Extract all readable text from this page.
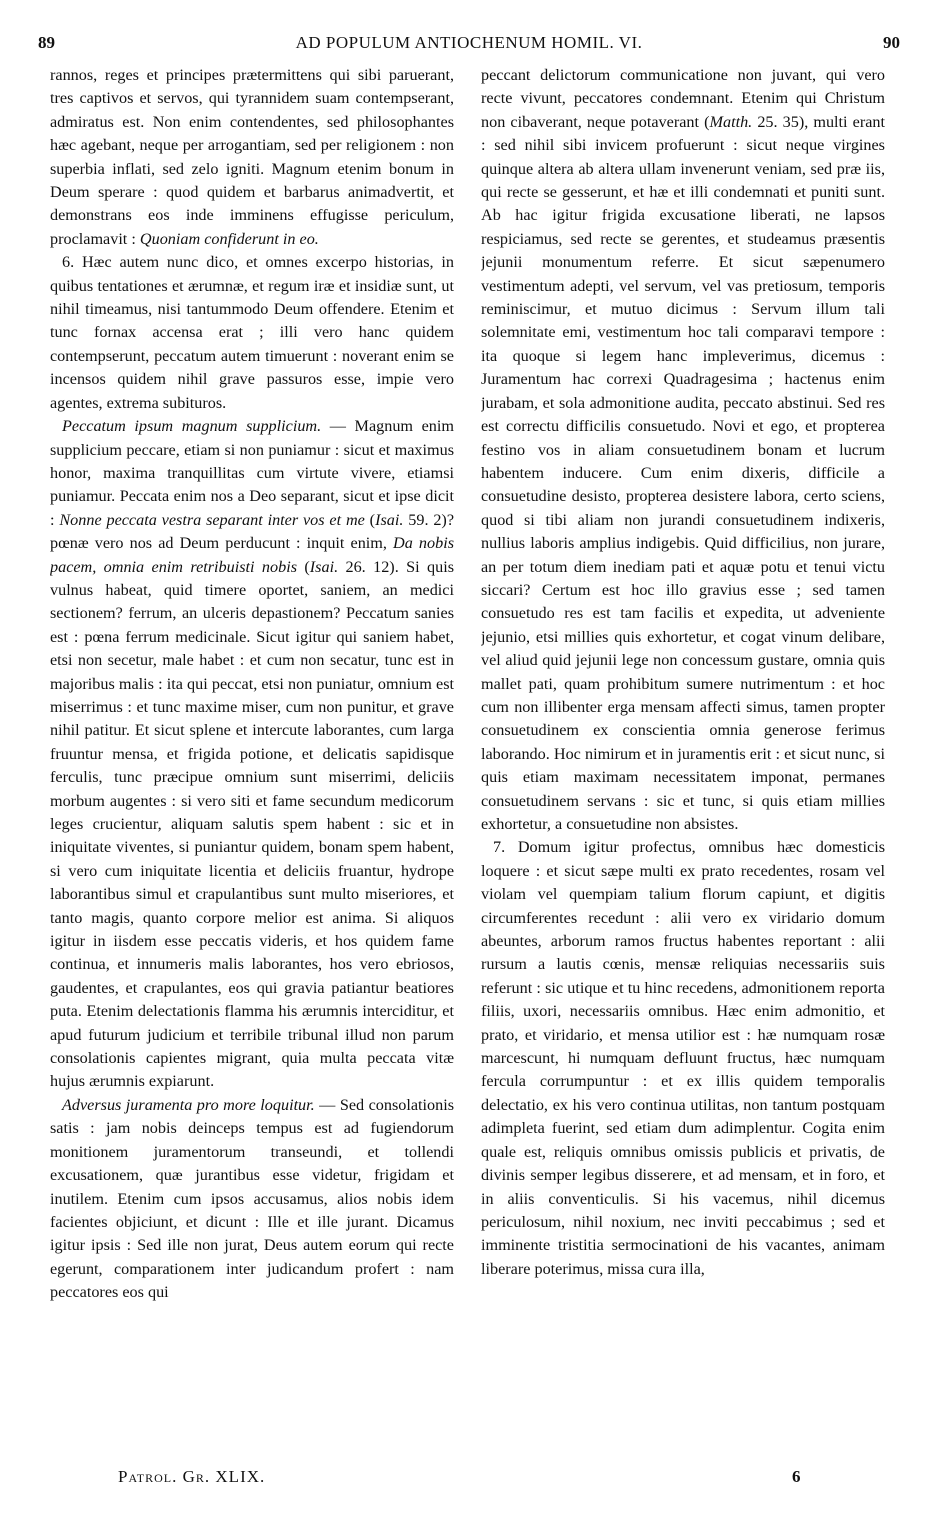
89	AD POPULUM ANTIOCHENUM HOMIL. VI.	90

rannos, reges et principes prætermittens qui sibi paruerant, tres captivos et servos, qui tyrannidem suam contempserant, admiratus est. Non enim contendentes, sed philosophantes hæc agebant, neque per arrogantiam, sed per religionem : non superbia inflati, sed zelo igniti. Magnum etenim bonum in Deum sperare : quod quidem et barbarus animadvertit, et demonstrans eos inde imminens effugisse periculum, proclamavit : Quoniam confiderunt in eo.

6. Hæc autem nunc dico, et omnes excerpo historias, in quibus tentationes et ærumnæ, et regum iræ et insidiæ sunt, ut nihil timeamus, nisi tantummodo Deum offendere. Etenim et tunc fornax accensa erat ; illi vero hanc quidem contempserunt, peccatum autem timuerunt : noverant enim se incensos quidem nihil grave passuros esse, impie vero agentes, extrema subituros.

Peccatum ipsum magnum supplicium. — Magnum enim supplicium peccare, etiam si non puniamur : sicut et maximus honor, maxima tranquillitas cum virtute vivere, etiamsi puniamur. Peccata enim nos a Deo separant, sicut et ipse dicit : Nonne peccata vestra separant inter vos et me (Isai. 59. 2)? pœnæ vero nos ad Deum perducunt : inquit enim, Da nobis pacem, omnia enim retribuisti nobis (Isai. 26. 12). Si quis vulnus habeat, quid timere oportet, saniem, an medici sectionem? ferrum, an ulceris depastionem? Peccatum sanies est : pœna ferrum medicinale. Sicut igitur qui saniem habet, etsi non secetur, male habet : et cum non secatur, tunc est in majoribus malis : ita qui peccat, etsi non puniatur, omnium est miserrimus : et tunc maxime miser, cum non punitur, et grave nihil patitur. Et sicut splene et intercute laborantes, cum larga fruuntur mensa, et frigida potione, et delicatis sapidisque ferculis, tunc præcipue omnium sunt miserrimi, deliciis morbum augentes : si vero siti et fame secundum medicorum leges crucientur, aliquam salutis spem habent : sic et in iniquitate viventes, si puniantur quidem, bonam spem habent, si vero cum iniquitate licentia et deliciis fruantur, hydrope laborantibus simul et crapulantibus sunt multo miseriores, et tanto magis, quanto corpore melior est anima. Si aliquos igitur in iisdem esse peccatis videris, et hos quidem fame continua, et innumeris malis laborantes, hos vero ebriosos, gaudentes, et crapulantes, eos qui gravia patiantur beatiores puta. Etenim delectationis flamma his ærumnis interciditur, et apud futurum judicium et terribile tribunal illud non parum consolationis capientes migrant, quia multa peccata vitæ hujus ærumnis expiarunt.

Adversus juramenta pro more loquitur. — Sed consolationis satis : jam nobis deinceps tempus est ad fugiendorum monitionem juramentorum transeundi, et tollendi excusationem, quæ jurantibus esse videtur, frigidam et inutilem. Etenim cum ipsos accusamus, alios nobis idem facientes objiciunt, et dicunt : Ille et ille jurant. Dicamus igitur ipsis : Sed ille non jurat, Deus autem eorum qui recte egerunt, comparationem inter judicandum profert : nam peccatores eos qui

peccant delictorum communicatione non juvant, qui vero recte vivunt, peccatores condemnant. Etenim qui Christum non cibaverant, neque potaverant (Matth. 25. 35), multi erant : sed nihil sibi invicem profuerunt : sicut neque virgines quinque altera ab altera ullam invenerunt veniam, sed præ iis, qui recte se gesserunt, et hæ et illi condemnati et puniti sunt. Ab hac igitur frigida excusatione liberati, ne lapsos respiciamus, sed recte se gerentes, et studeamus præsentis jejunii monumentum referre. Et sicut sæpenumero vestimentum adepti, vel servum, vel vas pretiosum, temporis reminiscimur, et mutuo dicimus : Servum illum tali solemnitate emi, vestimentum hoc tali comparavi tempore : ita quoque si legem hanc impleverimus, dicemus : Juramentum hac correxi Quadragesima ; hactenus enim jurabam, et sola admonitione audita, peccato abstinui. Sed res est correctu difficilis consuetudo. Novi et ego, et propterea festino vos in aliam consuetudinem bonam et lucrum habentem inducere. Cum enim dixeris, difficile a consuetudine desisto, propterea desistere labora, certo sciens, quod si tibi aliam non jurandi consuetudinem indixeris, nullius laboris amplius indigebis. Quid difficilius, non jurare, an per totum diem inediam pati et aquæ potu et tenui victu siccari? Certum est hoc illo gravius esse ; sed tamen consuetudo res est tam facilis et expedita, ut adveniente jejunio, etsi millies quis exhortetur, et cogat vinum delibare, vel aliud quid jejunii lege non concessum gustare, omnia quis mallet pati, quam prohibitum sumere nutrimentum : et hoc cum non illibenter erga mensam affecti simus, tamen propter consuetudinem ex conscientia omnia generose ferimus laborando. Hoc nimirum et in juramentis erit : et sicut nunc, si quis etiam maximam necessitatem imponat, permanes consuetudinem servans : sic et tunc, si quis etiam millies exhortetur, a consuetudine non absistes.

7. Domum igitur profectus, omnibus hæc domesticis loquere : et sicut sæpe multi ex prato recedentes, rosam vel violam vel quempiam talium florum capiunt, et digitis circumferentes recedunt : alii vero ex viridario domum abeuntes, arborum ramos fructus habentes reportant : alii rursum a lautis cœnis, mensæ reliquias necessariis suis referunt : sic utique et tu hinc recedens, admonitionem reporta filiis, uxori, necessariis omnibus. Hæc enim admonitio, et prato, et viridario, et mensa utilior est : hæ numquam rosæ marcescunt, hi numquam defluunt fructus, hæc numquam fercula corrumpuntur : et ex illis quidem temporalis delectatio, ex his vero continua utilitas, non tantum postquam adimpleta fuerint, sed etiam dum adimplentur. Cogita enim quale est, reliquis omnibus omissis publicis et privatis, de divinis semper legibus disserere, et ad mensam, et in foro, et in aliis conventiculis. Si his vacemus, nihil dicemus periculosum, nihil noxium, nec inviti peccabimus ; sed et imminente tristitia sermocinationi de his vacantes, animam liberare poterimus, missa cura illa,

Patrol. Gr. XLIX.	6
